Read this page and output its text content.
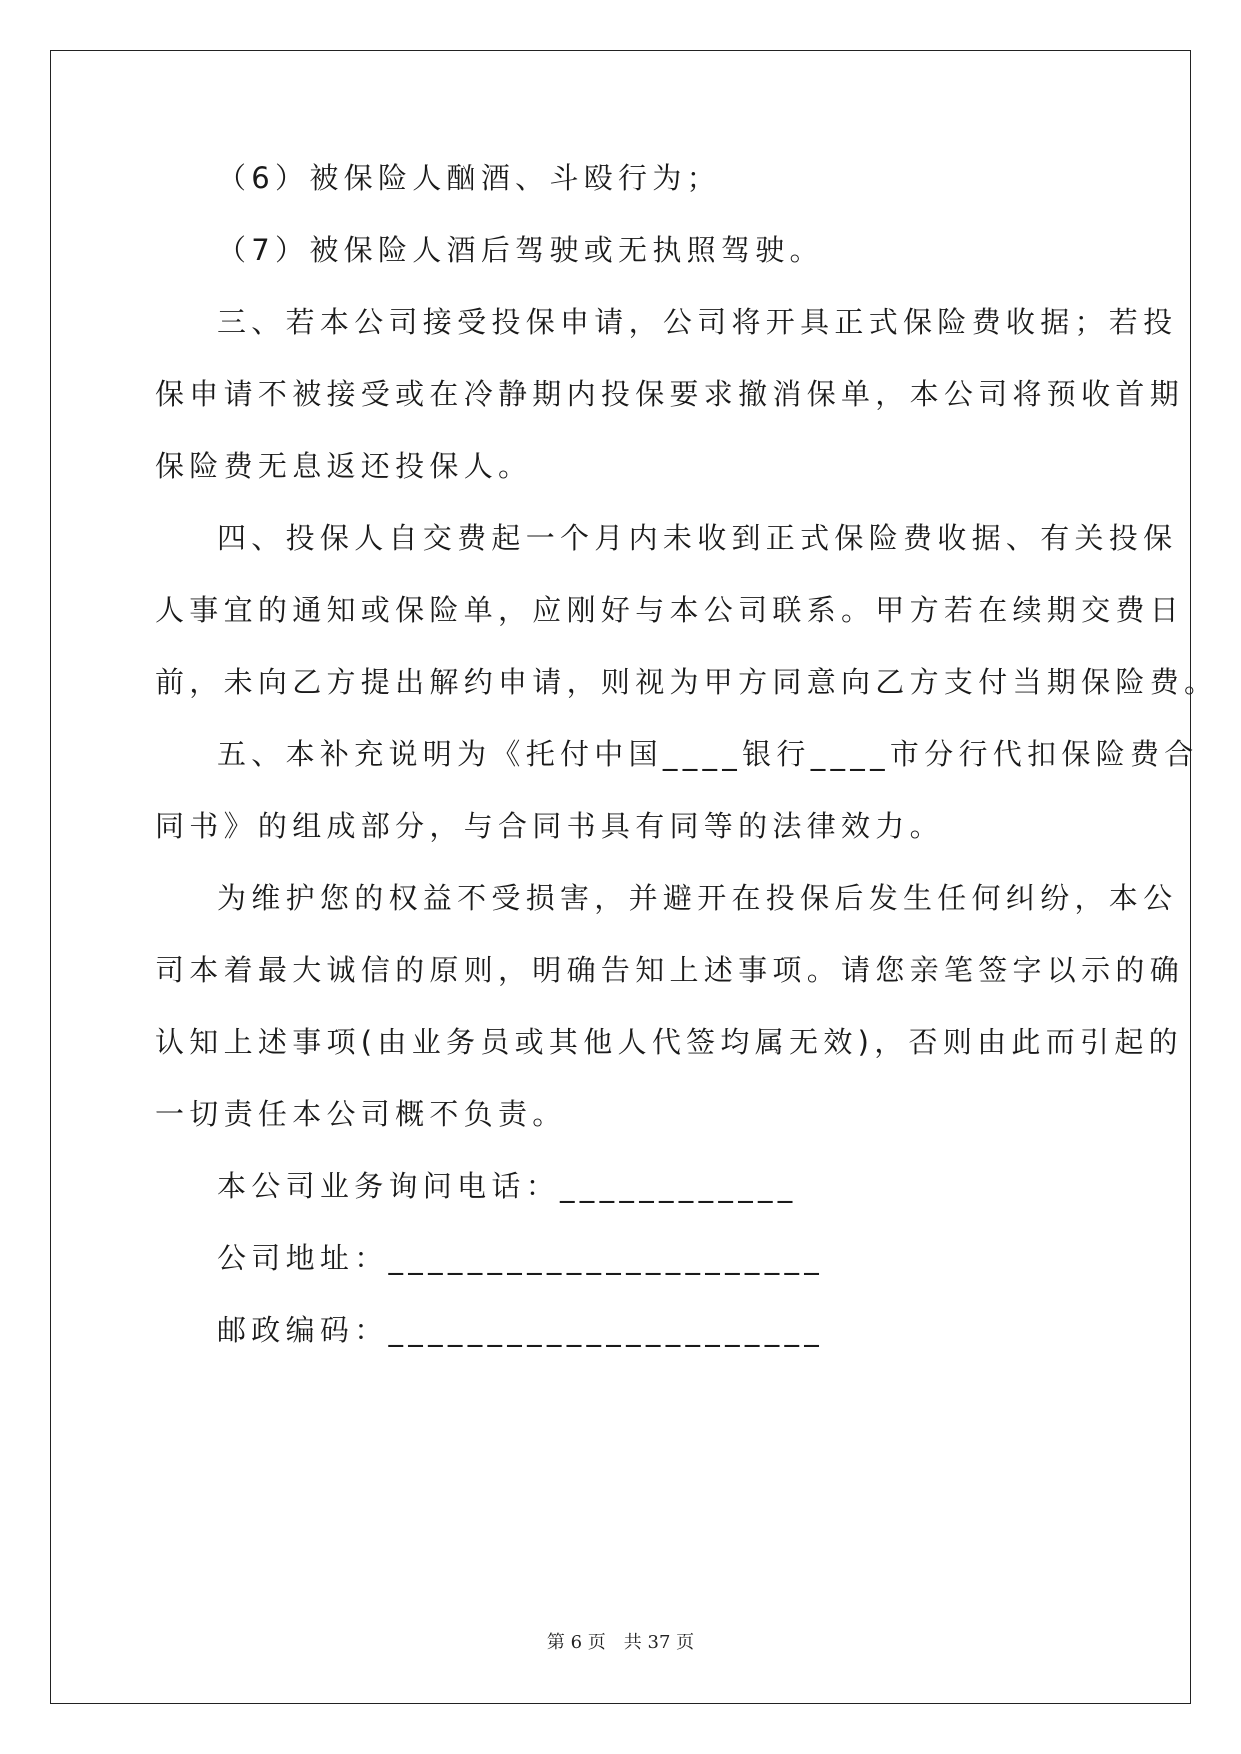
（6）被保险人酗酒、斗殴行为；
（7）被保险人酒后驾驶或无执照驾驶。
三、若本公司接受投保申请，公司将开具正式保险费收据；若投
保申请不被接受或在冷静期内投保要求撤消保单，本公司将预收首期
保险费无息返还投保人。
四、投保人自交费起一个月内未收到正式保险费收据、有关投保
人事宜的通知或保险单，应刚好与本公司联系。甲方若在续期交费日
前，未向乙方提出解约申请，则视为甲方同意向乙方支付当期保险费。
五、本补充说明为《托付中国____银行____市分行代扣保险费合
同书》的组成部分，与合同书具有同等的法律效力。
为维护您的权益不受损害，并避开在投保后发生任何纠纷，本公
司本着最大诚信的原则，明确告知上述事项。请您亲笔签字以示的确
认知上述事项(由业务员或其他人代签均属无效)，否则由此而引起的
一切责任本公司概不负责。
本公司业务询问电话：____________
公司地址：______________________
邮政编码：______________________
第 6 页　共 37 页
